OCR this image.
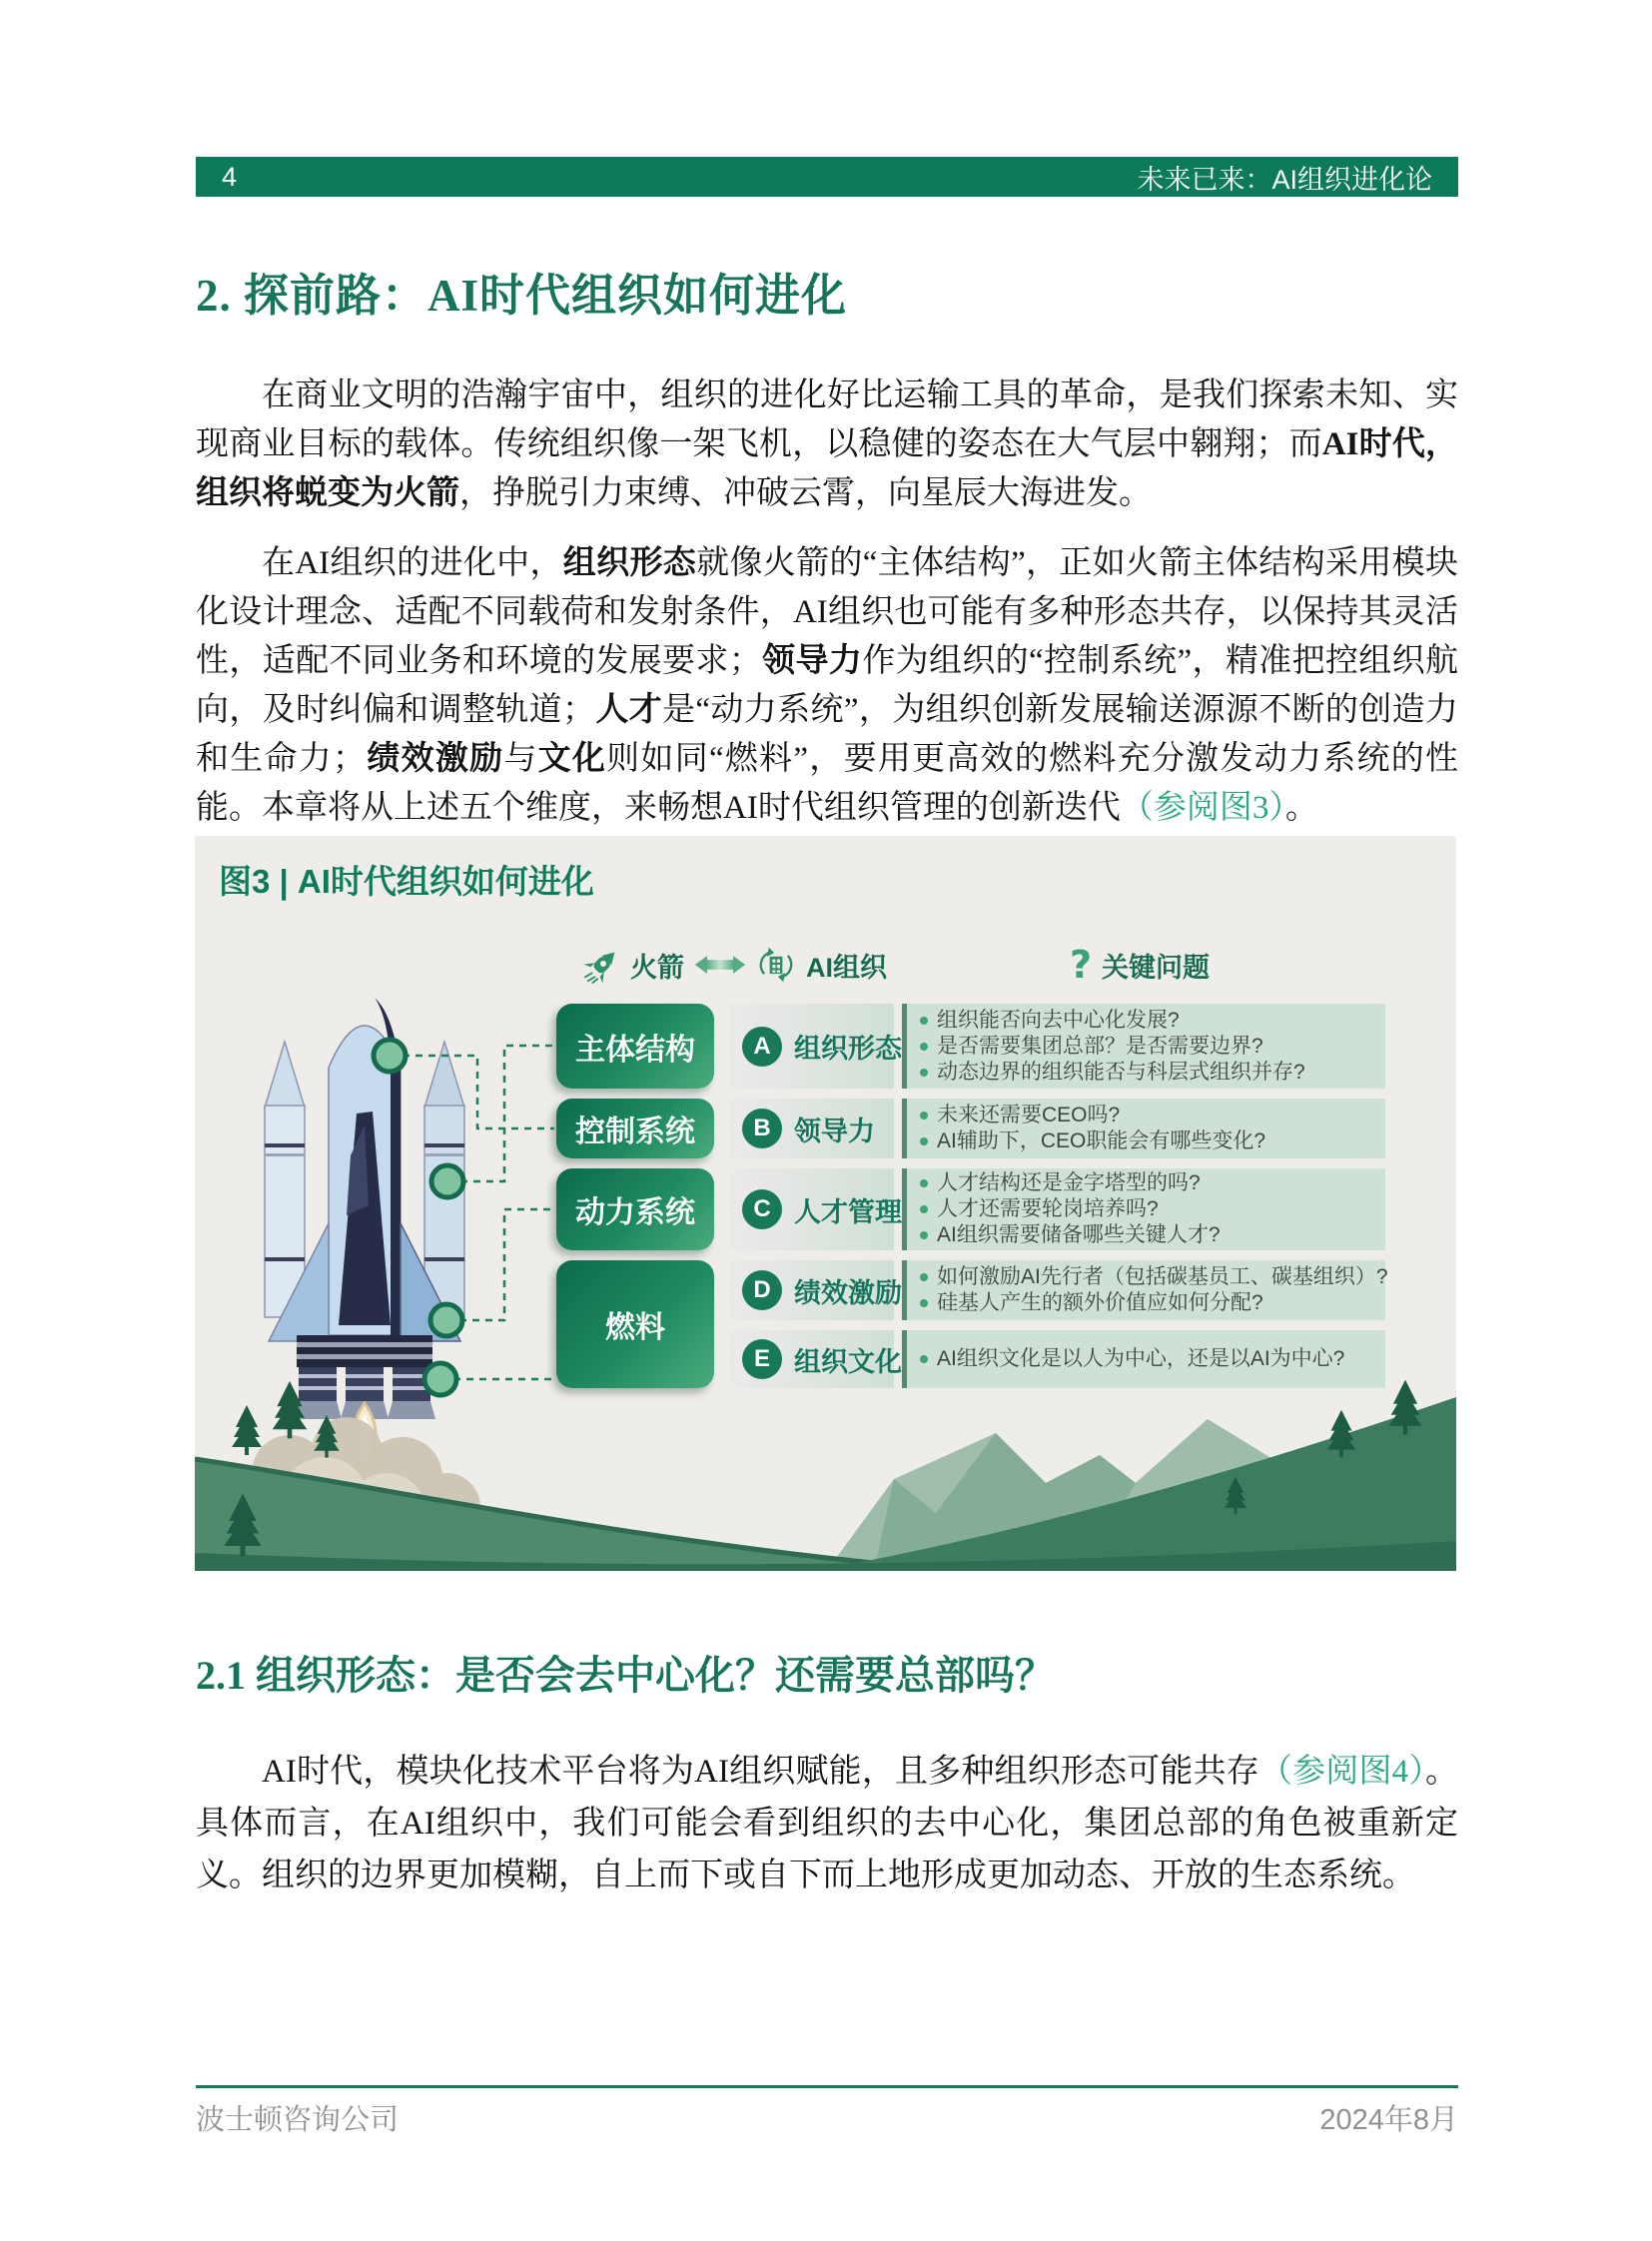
4	未来已来：AI组织进化论
2. 探前路：AI时代组织如何进化

在商业文明的浩瀚宇宙中，组织的进化好比运输工具的革命，是我们探索未知、实现商业目标的载体。传统组织像一架飞机，以稳健的姿态在大气层中翱翔；而AI时代，组织将蜕变为火箭，挣脱引力束缚、冲破云霄，向星辰大海进发。

在AI组织的进化中，组织形态就像火箭的“主体结构”，正如火箭主体结构采用模块化设计理念、适配不同载荷和发射条件，AI组织也可能有多种形态共存，以保持其灵活性，适配不同业务和环境的发展要求；领导力作为组织的“控制系统”，精准把控组织航向，及时纠偏和调整轨道；人才是“动力系统”，为组织创新发展输送源源不断的创造力和生命力；绩效激励与文化则如同“燃料”，要用更高效的燃料充分激发动力系统的性能。本章将从上述五个维度，来畅想AI时代组织管理的创新迭代（参阅图3）。

图3 | AI时代组织如何进化
火箭	AI组织	? 关键问题
主体结构
控制系统
动力系统
燃料
A 组织形态
B 领导力
C 人才管理
D 绩效激励
E 组织文化
组织能否向去中心化发展?
是否需要集团总部？是否需要边界?
动态边界的组织能否与科层式组织并存?
未来还需要CEO吗?
AI辅助下，CEO职能会有哪些变化?
人才结构还是金字塔型的吗?
人才还需要轮岗培养吗?
AI组织需要储备哪些关键人才?
如何激励AI先行者（包括碳基员工、碳基组织）?
硅基人产生的额外价值应如何分配?
AI组织文化是以人为中心，还是以AI为中心?
2.1 组织形态：是否会去中心化？还需要总部吗？

AI时代，模块化技术平台将为AI组织赋能，且多种组织形态可能共存（参阅图4）。具体而言，在AI组织中，我们可能会看到组织的去中心化，集团总部的角色被重新定义。组织的边界更加模糊，自上而下或自下而上地形成更加动态、开放的生态系统。

波士顿咨询公司	2024年8月
